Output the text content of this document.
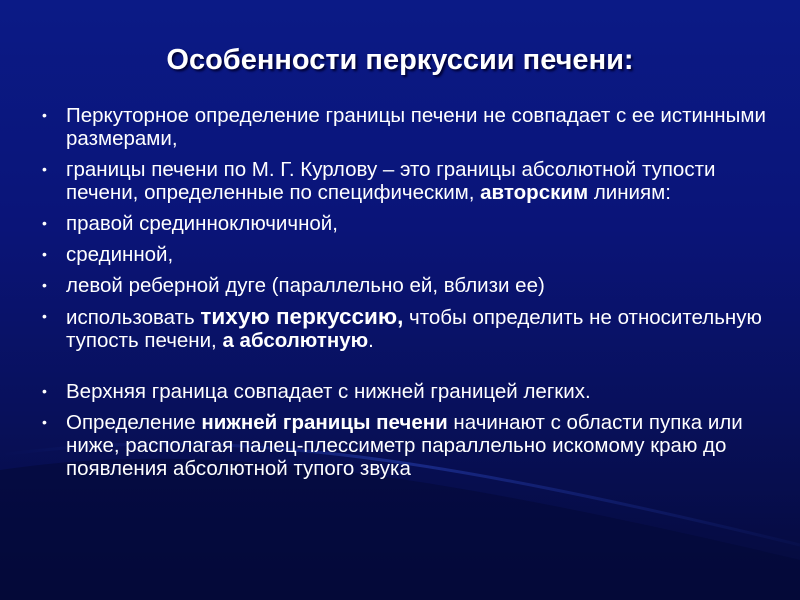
Особенности перкуссии печени:
• Перкуторное определение границы печени не совпадает с ее истинными размерами,
• границы печени по М. Г. Курлову – это границы абсолютной тупости печени, определенные по специфическим, авторским линиям:
• правой срединноключичной,
• срединной,
• левой реберной дуге (параллельно ей, вблизи ее)
• использовать тихую перкуссию, чтобы определить не относительную тупость печени, а абсолютную.
• Верхняя граница совпадает с нижней границей легких.
• Определение нижней границы печени начинают с области пупка или ниже, располагая палец-плессиметр параллельно искомому краю до появления абсолютной тупого звука
